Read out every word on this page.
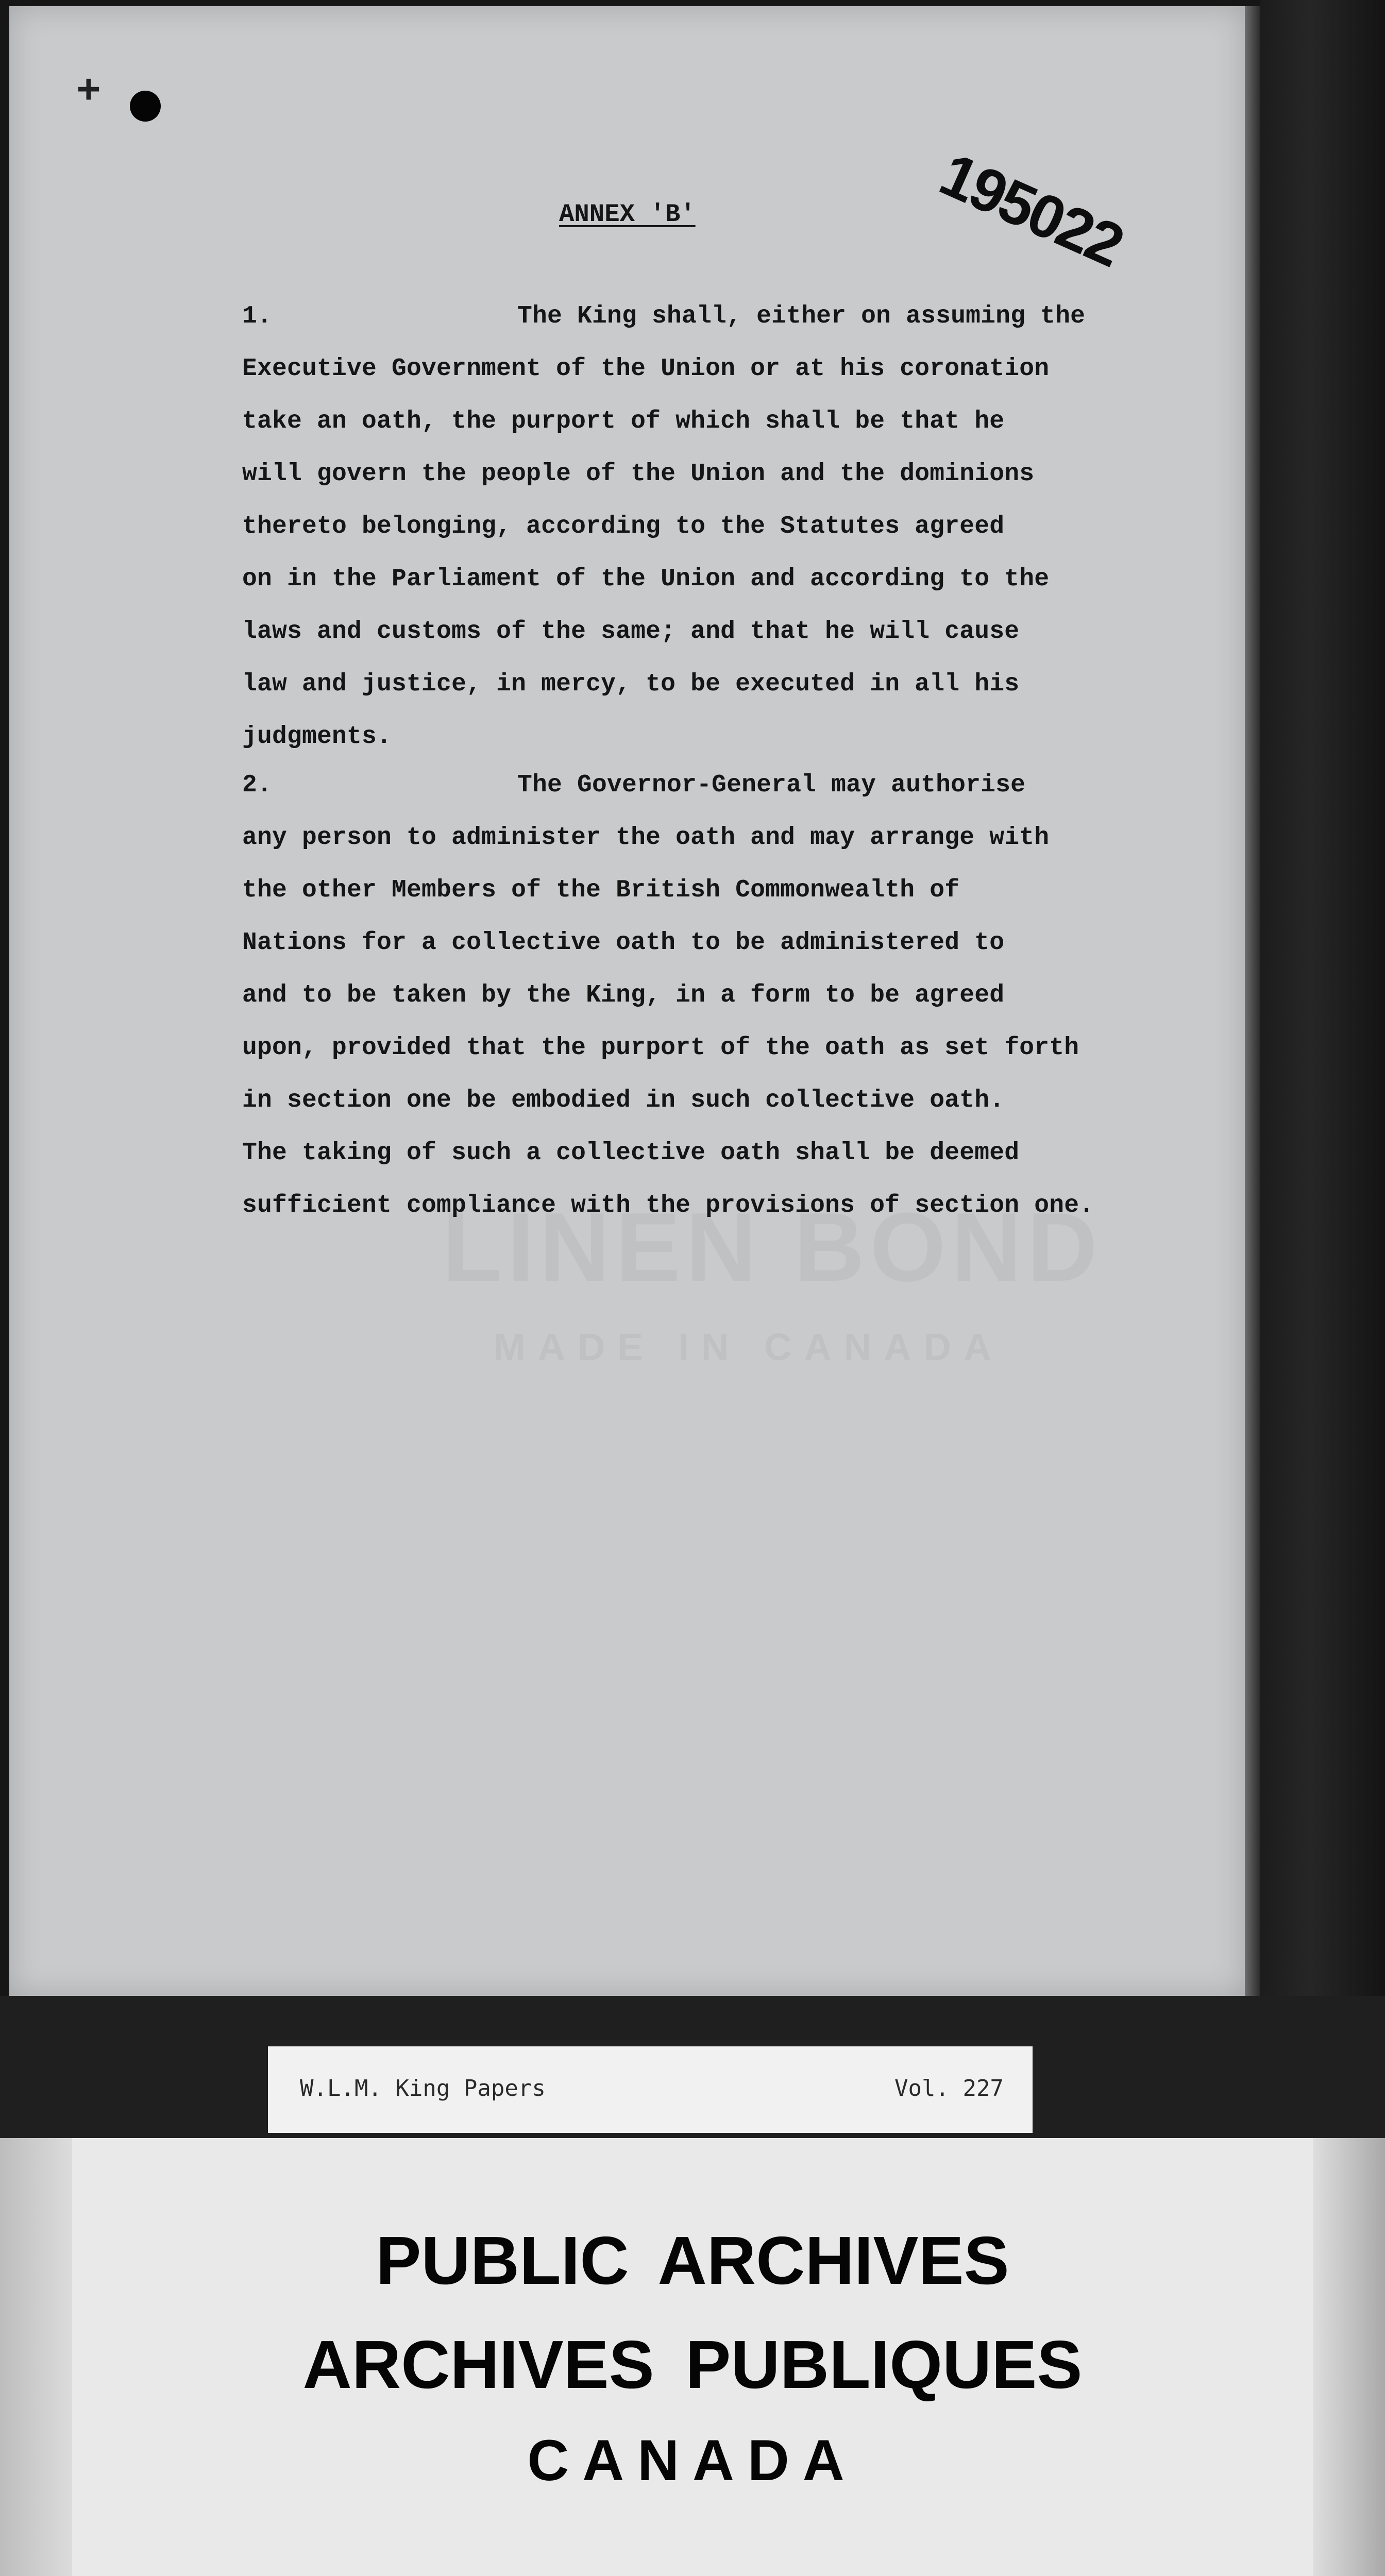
+
195022
ANNEX 'B'
1.	The King shall, either on assuming the
Executive Government of the Union or at his coronation
take an oath, the purport of which shall be that he
will govern the people of the Union and the dominions
thereto belonging, according to the Statutes agreed
on in the Parliament of the Union and according to the
laws and customs of the same; and that he will cause
law and justice, in mercy, to be executed in all his
judgments.
2.	The Governor-General may authorise
any person to administer the oath and may arrange with
the other Members of the British Commonwealth of
Nations for a collective oath to be administered to
and to be taken by the King, in a form to be agreed
upon, provided that the purport of the oath as set forth
in section one be embodied in such collective oath.
The taking of such a collective oath shall be deemed
sufficient compliance with the provisions of section one.
W.L.M. King Papers	Vol. 227
PUBLIC ARCHIVES
ARCHIVES PUBLIQUES
CANADA
